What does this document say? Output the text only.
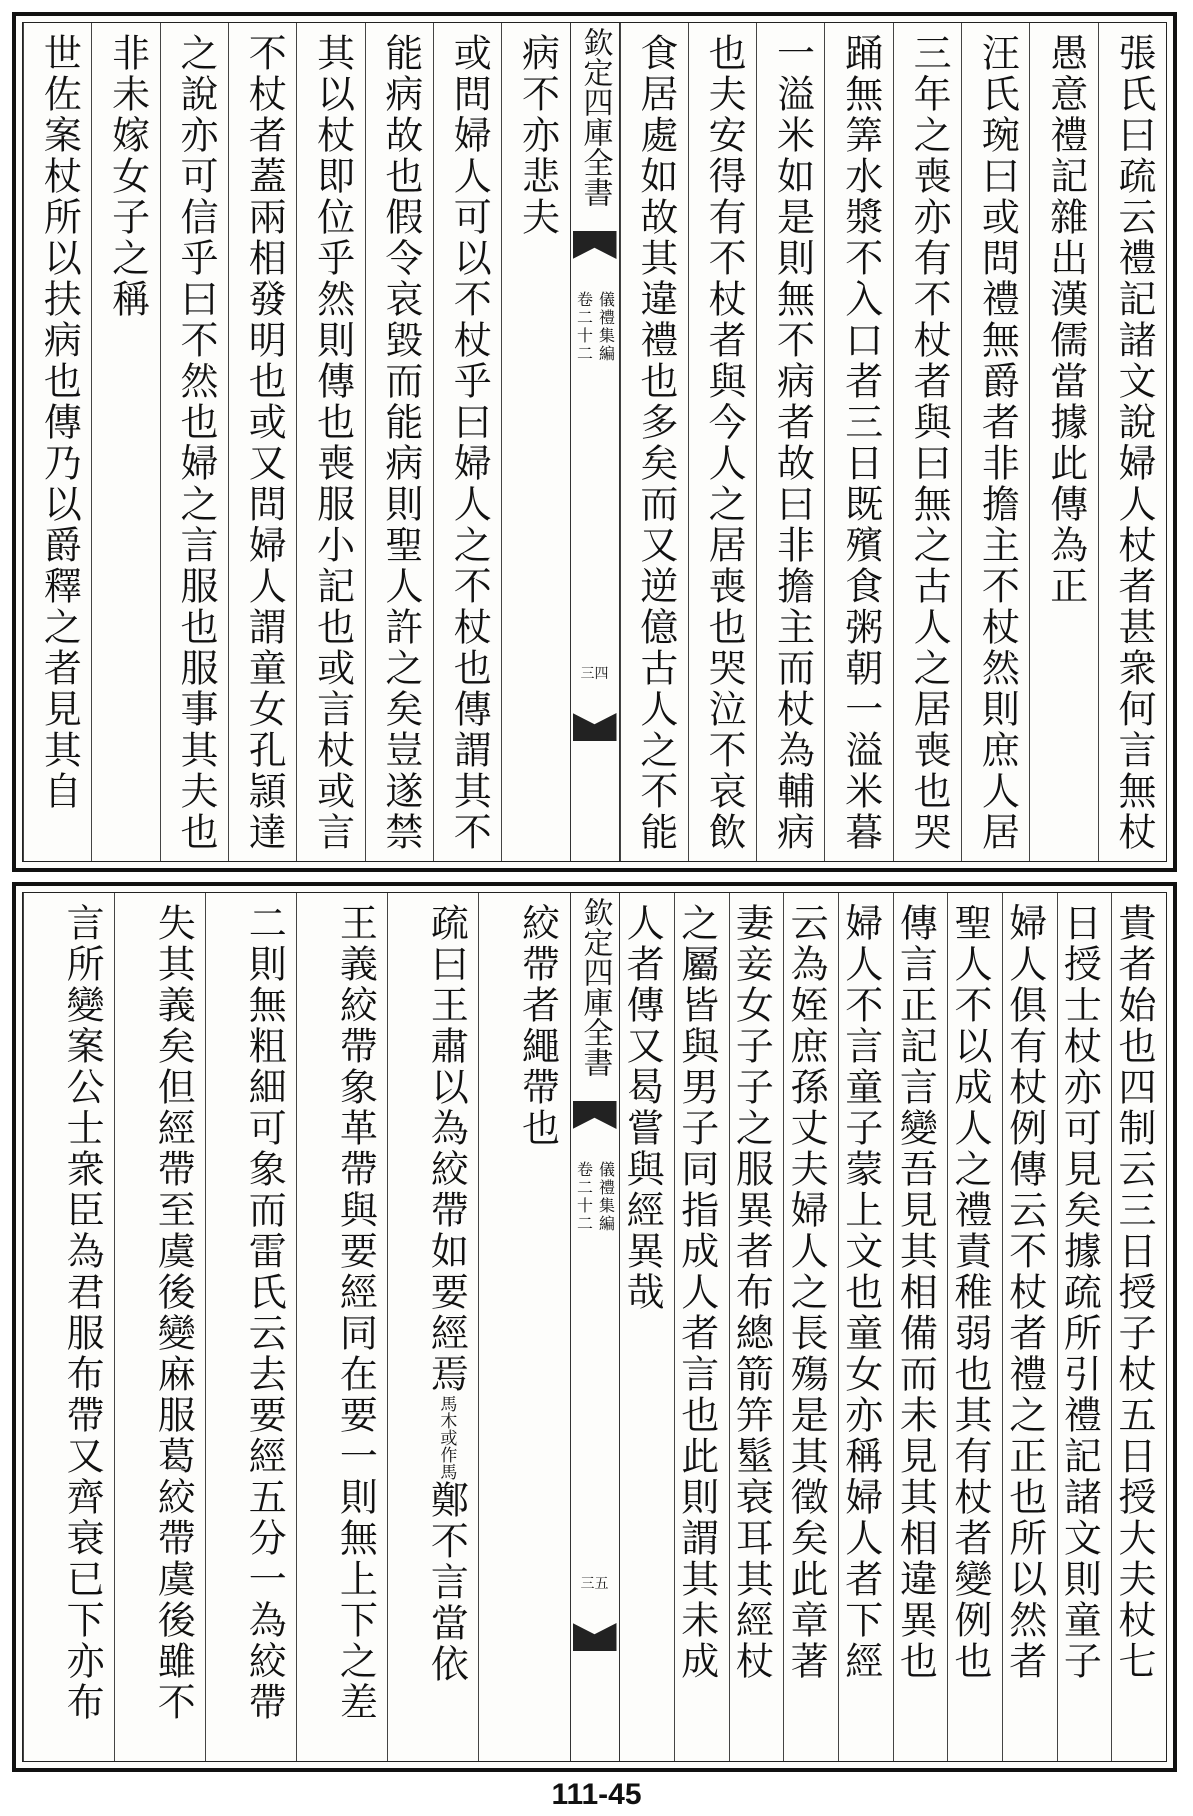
張氏曰疏云禮記諸文說婦人杖者甚衆何言無杖
愚意禮記雜出漢儒當據此傳為正
汪氏琬曰或問禮無爵者非擔主不杖然則庶人居
三年之喪亦有不杖者與曰無之古人之居喪也哭
踊無筭水漿不入口者三日既殯食粥朝一溢米暮
一溢米如是則無不病者故曰非擔主而杖為輔病
也夫安得有不杖者與今人之居喪也哭泣不哀飲
食居處如故其違禮也多矣而又逆億古人之不能
欽定四庫全書
儀禮集編
卷二十二
三四
病不亦悲夫
或問婦人可以不杖乎曰婦人之不杖也傳謂其不
能病故也假令哀毀而能病則聖人許之矣豈遂禁
其以杖即位乎然則傳也喪服小記也或言杖或言
不杖者蓋兩相發明也或又問婦人謂童女孔頴達
之說亦可信乎曰不然也婦之言服也服事其夫也
非未嫁女子之稱
世佐案杖所以扶病也傳乃以爵釋之者見其自
貴者始也四制云三日授子杖五日授大夫杖七
日授士杖亦可見矣據疏所引禮記諸文則童子
婦人俱有杖例傳云不杖者禮之正也所以然者
聖人不以成人之禮責稚弱也其有杖者變例也
傳言正記言變吾見其相備而未見其相違異也
婦人不言童子蒙上文也童女亦稱婦人者下經
云為姪庶孫丈夫婦人之長殤是其徵矣此章著
妻妾女子子之服異者布總箭笄髽衰耳其經杖
之屬皆與男子同指成人者言也此則謂其未成
人者傳又曷嘗與經異哉
欽定四庫全書
儀禮集編
卷二十二
三五
絞帶者繩帶也
疏曰王肅以為絞帶如要經焉馬木或作馬鄭不言當依
王義絞帶象革帶與要經同在要一則無上下之差
二則無粗細可象而雷氏云去要經五分一為絞帶
失其義矣但經帶至虞後變麻服葛絞帶虞後雖不
言所變案公士衆臣為君服布帶又齊衰已下亦布
111-45
